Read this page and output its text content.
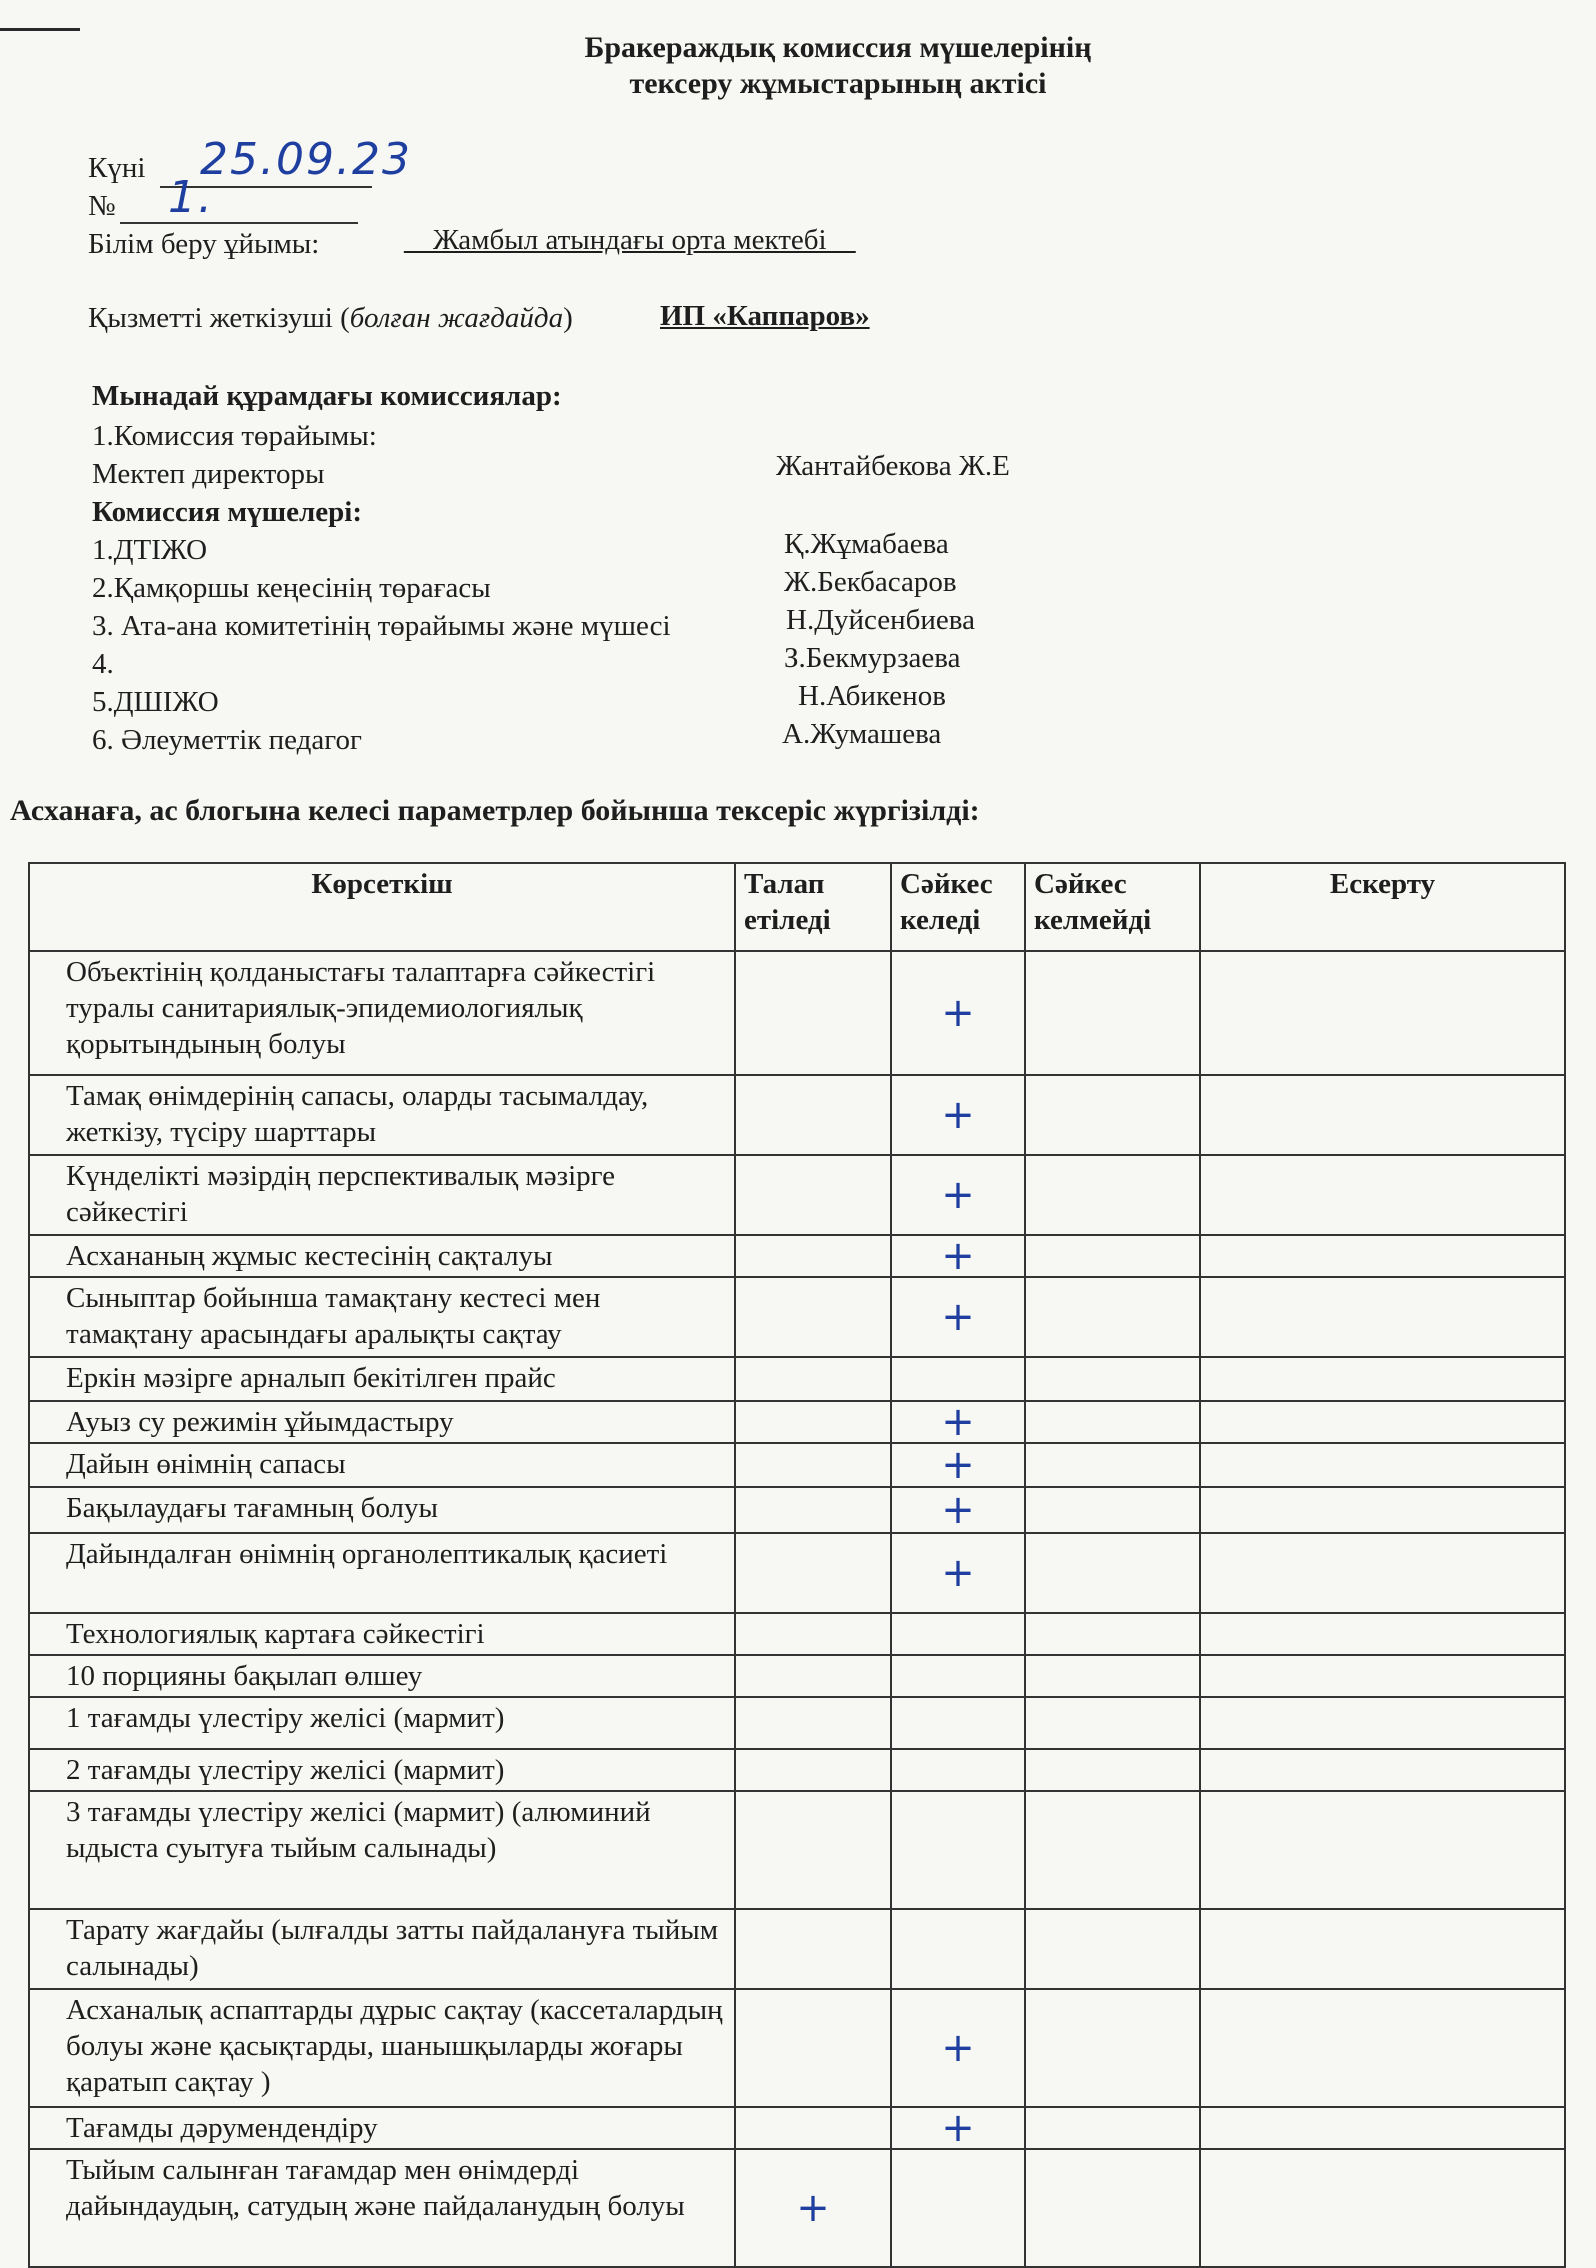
Бракераждық комиссия мүшелерінің
тексеру жұмыстарының актісі
Күні 25.09.23
№ 1.
Білім беру ұйымы:	__Жамбыл атындағы орта мектебі__
Қызметті жеткізуші (болған жағдайда)	ИП «Каппаров»
Мынадай құрамдағы комиссиялар:
1.Комиссия төрайымы:
Мектеп директоры	Жантайбекова Ж.Е
Комиссия мүшелері:
1.ДТІЖО	Қ.Жұмабаева
2.Қамқоршы кеңесінің төрағасы	Ж.Бекбасаров
3. Ата-ана комитетінің төрайымы және мүшесі	Н.Дуйсенбиева
4.	З.Бекмурзаева
5.ДШІЖО	Н.Абикенов
6. Әлеуметтік педагог	А.Жумашева
Асханаға, ас блогына келесі параметрлер бойынша тексеріс жүргізілді:
Көрсеткіш	Талап етіледі	Сәйкес келеді	Сәйкес келмейді	Ескерту
Объектінің қолданыстағы талаптарға сәйкестігі туралы санитариялық-эпидемиологиялық қорытындының болуы		+		
Тамақ өнімдерінің сапасы, оларды тасымалдау, жеткізу, түсіру шарттары		+		
Күнделікті мәзірдің перспективалық мәзірге сәйкестігі		+		
Асхананың жұмыс кестесінің сақталуы		+		
Сыныптар бойынша тамақтану кестесі мен тамақтану арасындағы аралықты сақтау		+		
Еркін мәзірге арналып бекітілген прайс				
Ауыз су режимін ұйымдастыру		+		
Дайын өнімнің сапасы		+		
Бақылаудағы тағамның болуы		+		
Дайындалған өнімнің органолептикалық қасиеті		+		
Технологиялық картаға сәйкестігі				
10 порцияны бақылап өлшеу				
1 тағамды үлестіру желісі (мармит)				
2 тағамды үлестіру желісі (мармит)				
3 тағамды үлестіру желісі (мармит) (алюминий ыдыста суытуға тыйым салынады)				
Тарату жағдайы (ылғалды затты пайдалануға тыйым салынады)				
Асханалық аспаптарды дұрыс сақтау (кассеталардың болуы және қасықтарды, шанышқыларды жоғары қаратып сақтау )		+		
Тағамды дәрумендендіру		+		
Тыйым салынған тағамдар мен өнімдерді дайындаудың, сатудың және пайдаланудың болуы	+			
